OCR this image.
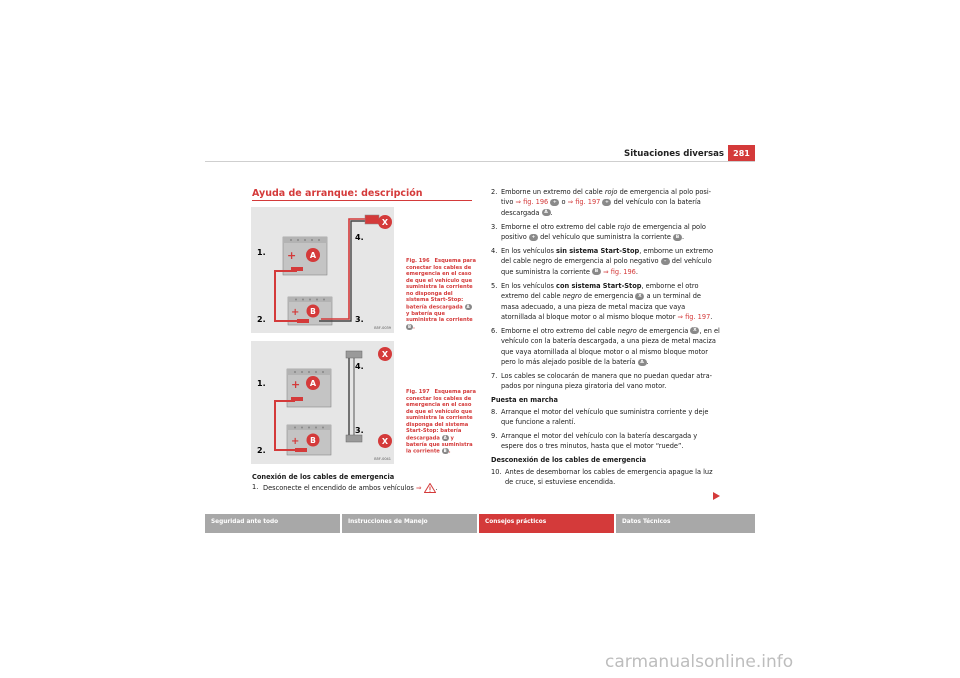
Situaciones diversas	281
Ayuda de arranque: descripción
+ A
+ B
X
1.
2.	3.
4.
B5F-0039
Fig. 196 Esquema para conectar los cables de emergencia en el caso de que el vehículo que suministra la corriente no disponga del sistema Start-Stop: batería descargada A y batería que suministra la corriente B .
+ A
+ B
X
X
1.
2.
3.
4.
B5F-0041
Fig. 197 Esquema para conectar los cables de emergencia en el caso de que el vehículo que suministra la corriente disponga del sistema Start-Stop: batería descargada A y batería que suministra la corriente B .
Conexión de los cables de emergencia
1. Desconecte el encendido de ambos vehículos ⇒ .
2. Emborne un extremo del cable rojo de emergencia al polo posi-tivo ⇒ fig. 196 + o ⇒ fig. 197 + del vehículo con la batería descargada A .
3. Emborne el otro extremo del cable rojo de emergencia al polo positivo + del vehículo que suministra la corriente B .
4. En los vehículos sin sistema Start-Stop, emborne un extremo del cable negro de emergencia al polo negativo – del vehículo que suministra la corriente B ⇒ fig. 196.
5. En los vehículos con sistema Start-Stop, emborne el otro extremo del cable negro de emergencia X a un terminal de masa adecuado, a una pieza de metal maciza que vaya atornillada al bloque motor o al mismo bloque motor ⇒ fig. 197.
6. Emborne el otro extremo del cable negro de emergencia X , en el vehículo con la batería descargada, a una pieza de metal maciza que vaya atornillada al bloque motor o al mismo bloque motor pero lo más alejado posible de la batería A .
7. Los cables se colocarán de manera que no puedan quedar atra-pados por ninguna pieza giratoria del vano motor.
Puesta en marcha
8. Arranque el motor del vehículo que suministra corriente y deje que funcione a ralentí.
9. Arranque el motor del vehículo con la batería descargada y espere dos o tres minutos, hasta que el motor “ruede”.
Desconexión de los cables de emergencia
10. Antes de desembornar los cables de emergencia apague la luz de cruce, si estuviese encendida.
Seguridad ante todo	Instrucciones de Manejo	Consejos prácticos	Datos Técnicos
carmanualsonline.info
